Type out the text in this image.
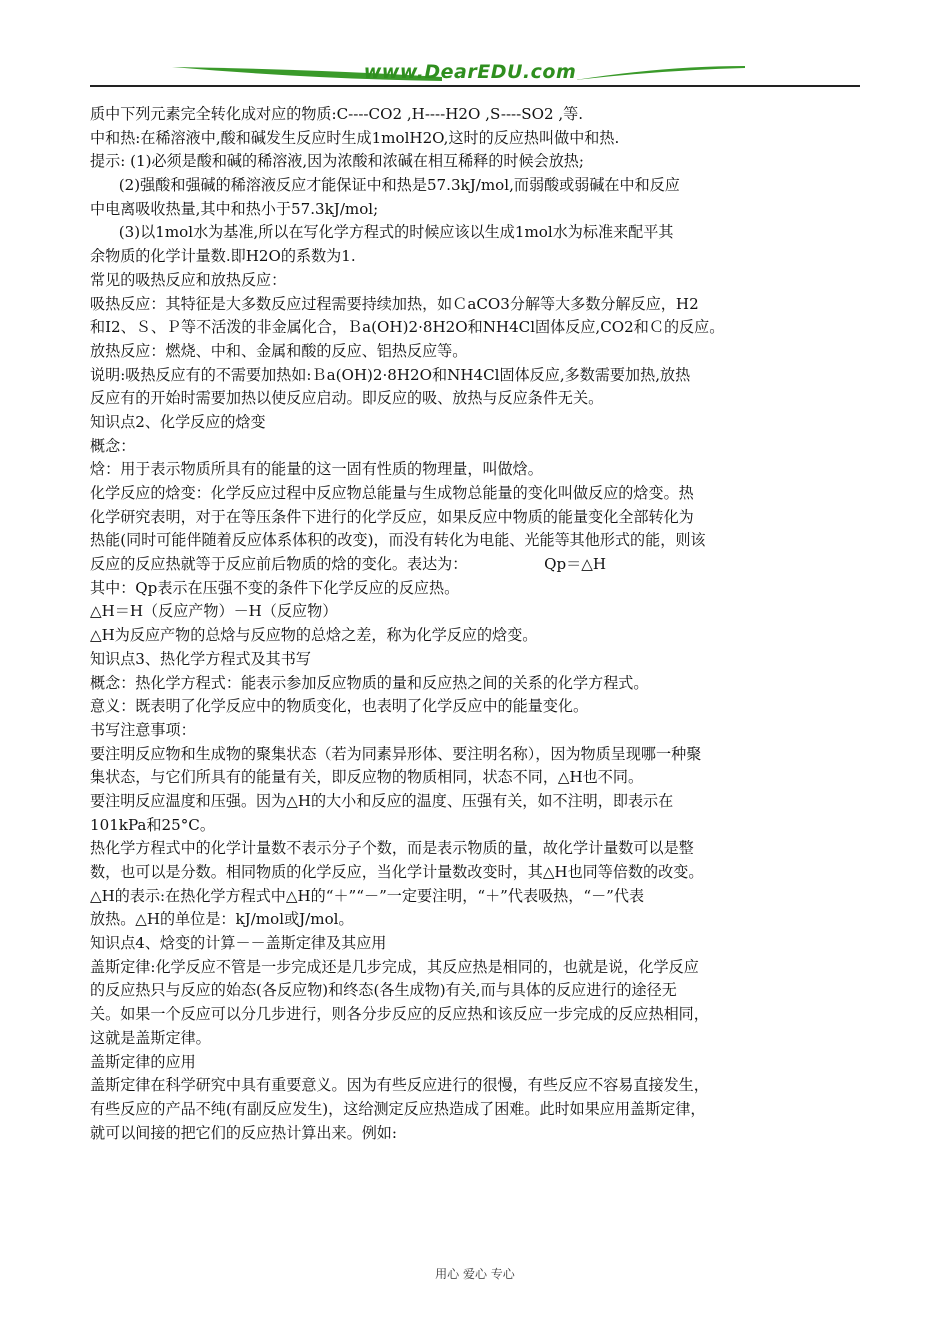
www.DearEDU.com
质中下列元素完全转化成对应的物质:C----CO2 ,H----H2O ,S----SO2 ,等.
中和热:在稀溶液中,酸和碱发生反应时生成1molH2O,这时的反应热叫做中和热.
提示: (1)必须是酸和碱的稀溶液,因为浓酸和浓碱在相互稀释的时候会放热;
(2)强酸和强碱的稀溶液反应才能保证中和热是57.3kJ/mol,而弱酸或弱碱在中和反应
中电离吸收热量,其中和热小于57.3kJ/mol;
(3)以1mol水为基准,所以在写化学方程式的时候应该以生成1mol水为标准来配平其
余物质的化学计量数.即H2O的系数为1.
常见的吸热反应和放热反应：
吸热反应：其特征是大多数反应过程需要持续加热，如ＣaCO3分解等大多数分解反应，H2
和I2、Ｓ、Ｐ等不活泼的非金属化合，Ｂa(OH)2·8H2O和NH4Cl固体反应,CO2和Ｃ的反应。
放热反应：燃烧、中和、金属和酸的反应、铝热反应等。
说明:吸热反应有的不需要加热如:Ｂa(OH)2·8H2O和NH4Cl固体反应,多数需要加热,放热
反应有的开始时需要加热以使反应启动。即反应的吸、放热与反应条件无关。
知识点2、化学反应的焓变
概念：
焓：用于表示物质所具有的能量的这一固有性质的物理量，叫做焓。
化学反应的焓变：化学反应过程中反应物总能量与生成物总能量的变化叫做反应的焓变。热
化学研究表明，对于在等压条件下进行的化学反应，如果反应中物质的能量变化全部转化为
热能(同时可能伴随着反应体系体积的改变)，而没有转化为电能、光能等其他形式的能，则该
反应的反应热就等于反应前后物质的焓的变化。表达为：                Qp＝△H
其中：Qp表示在压强不变的条件下化学反应的反应热。
△H＝H（反应产物）－H（反应物）
△H为反应产物的总焓与反应物的总焓之差，称为化学反应的焓变。
知识点3、热化学方程式及其书写
概念：热化学方程式：能表示参加反应物质的量和反应热之间的关系的化学方程式。
意义：既表明了化学反应中的物质变化，也表明了化学反应中的能量变化。
书写注意事项：
要注明反应物和生成物的聚集状态（若为同素异形体、要注明名称），因为物质呈现哪一种聚
集状态，与它们所具有的能量有关，即反应物的物质相同，状态不同，△H也不同。
要注明反应温度和压强。因为△H的大小和反应的温度、压强有关，如不注明，即表示在
101kPa和25°C。
热化学方程式中的化学计量数不表示分子个数，而是表示物质的量，故化学计量数可以是整
数，也可以是分数。相同物质的化学反应，当化学计量数改变时，其△H也同等倍数的改变。
△H的表示:在热化学方程式中△H的“＋”“－”一定要注明，“＋”代表吸热，“－”代表
放热。△H的单位是：kJ/mol或J/mol。
知识点4、焓变的计算－－盖斯定律及其应用
盖斯定律:化学反应不管是一步完成还是几步完成，其反应热是相同的，也就是说，化学反应
的反应热只与反应的始态(各反应物)和终态(各生成物)有关,而与具体的反应进行的途径无
关。如果一个反应可以分几步进行，则各分步反应的反应热和该反应一步完成的反应热相同，
这就是盖斯定律。
盖斯定律的应用
盖斯定律在科学研究中具有重要意义。因为有些反应进行的很慢，有些反应不容易直接发生，
有些反应的产品不纯(有副反应发生)，这给测定反应热造成了困难。此时如果应用盖斯定律，
就可以间接的把它们的反应热计算出来。例如:
用心 爱心 专心
